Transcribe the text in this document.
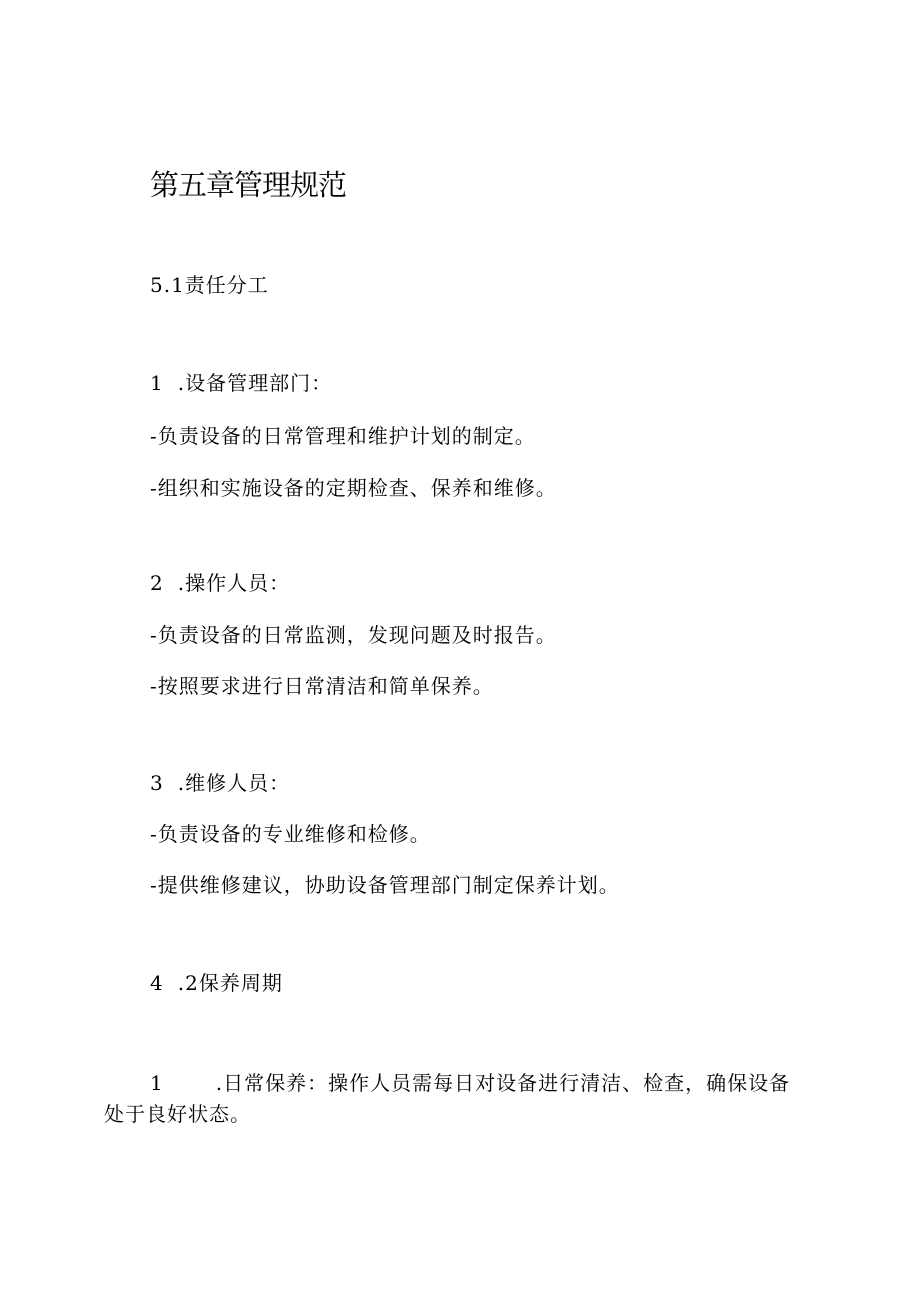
第五章管理规范

5.1责任分工

1 .设备管理部门：

-负责设备的日常管理和维护计划的制定。

-组织和实施设备的定期检查、保养和维修。

2 .操作人员：

-负责设备的日常监测，发现问题及时报告。

-按照要求进行日常清洁和简单保养。

3 .维修人员：

-负责设备的专业维修和检修。

-提供维修建议，协助设备管理部门制定保养计划。

4 .2保养周期

1	.日常保养：操作人员需每日对设备进行清洁、检查，确保设备
处于良好状态。
